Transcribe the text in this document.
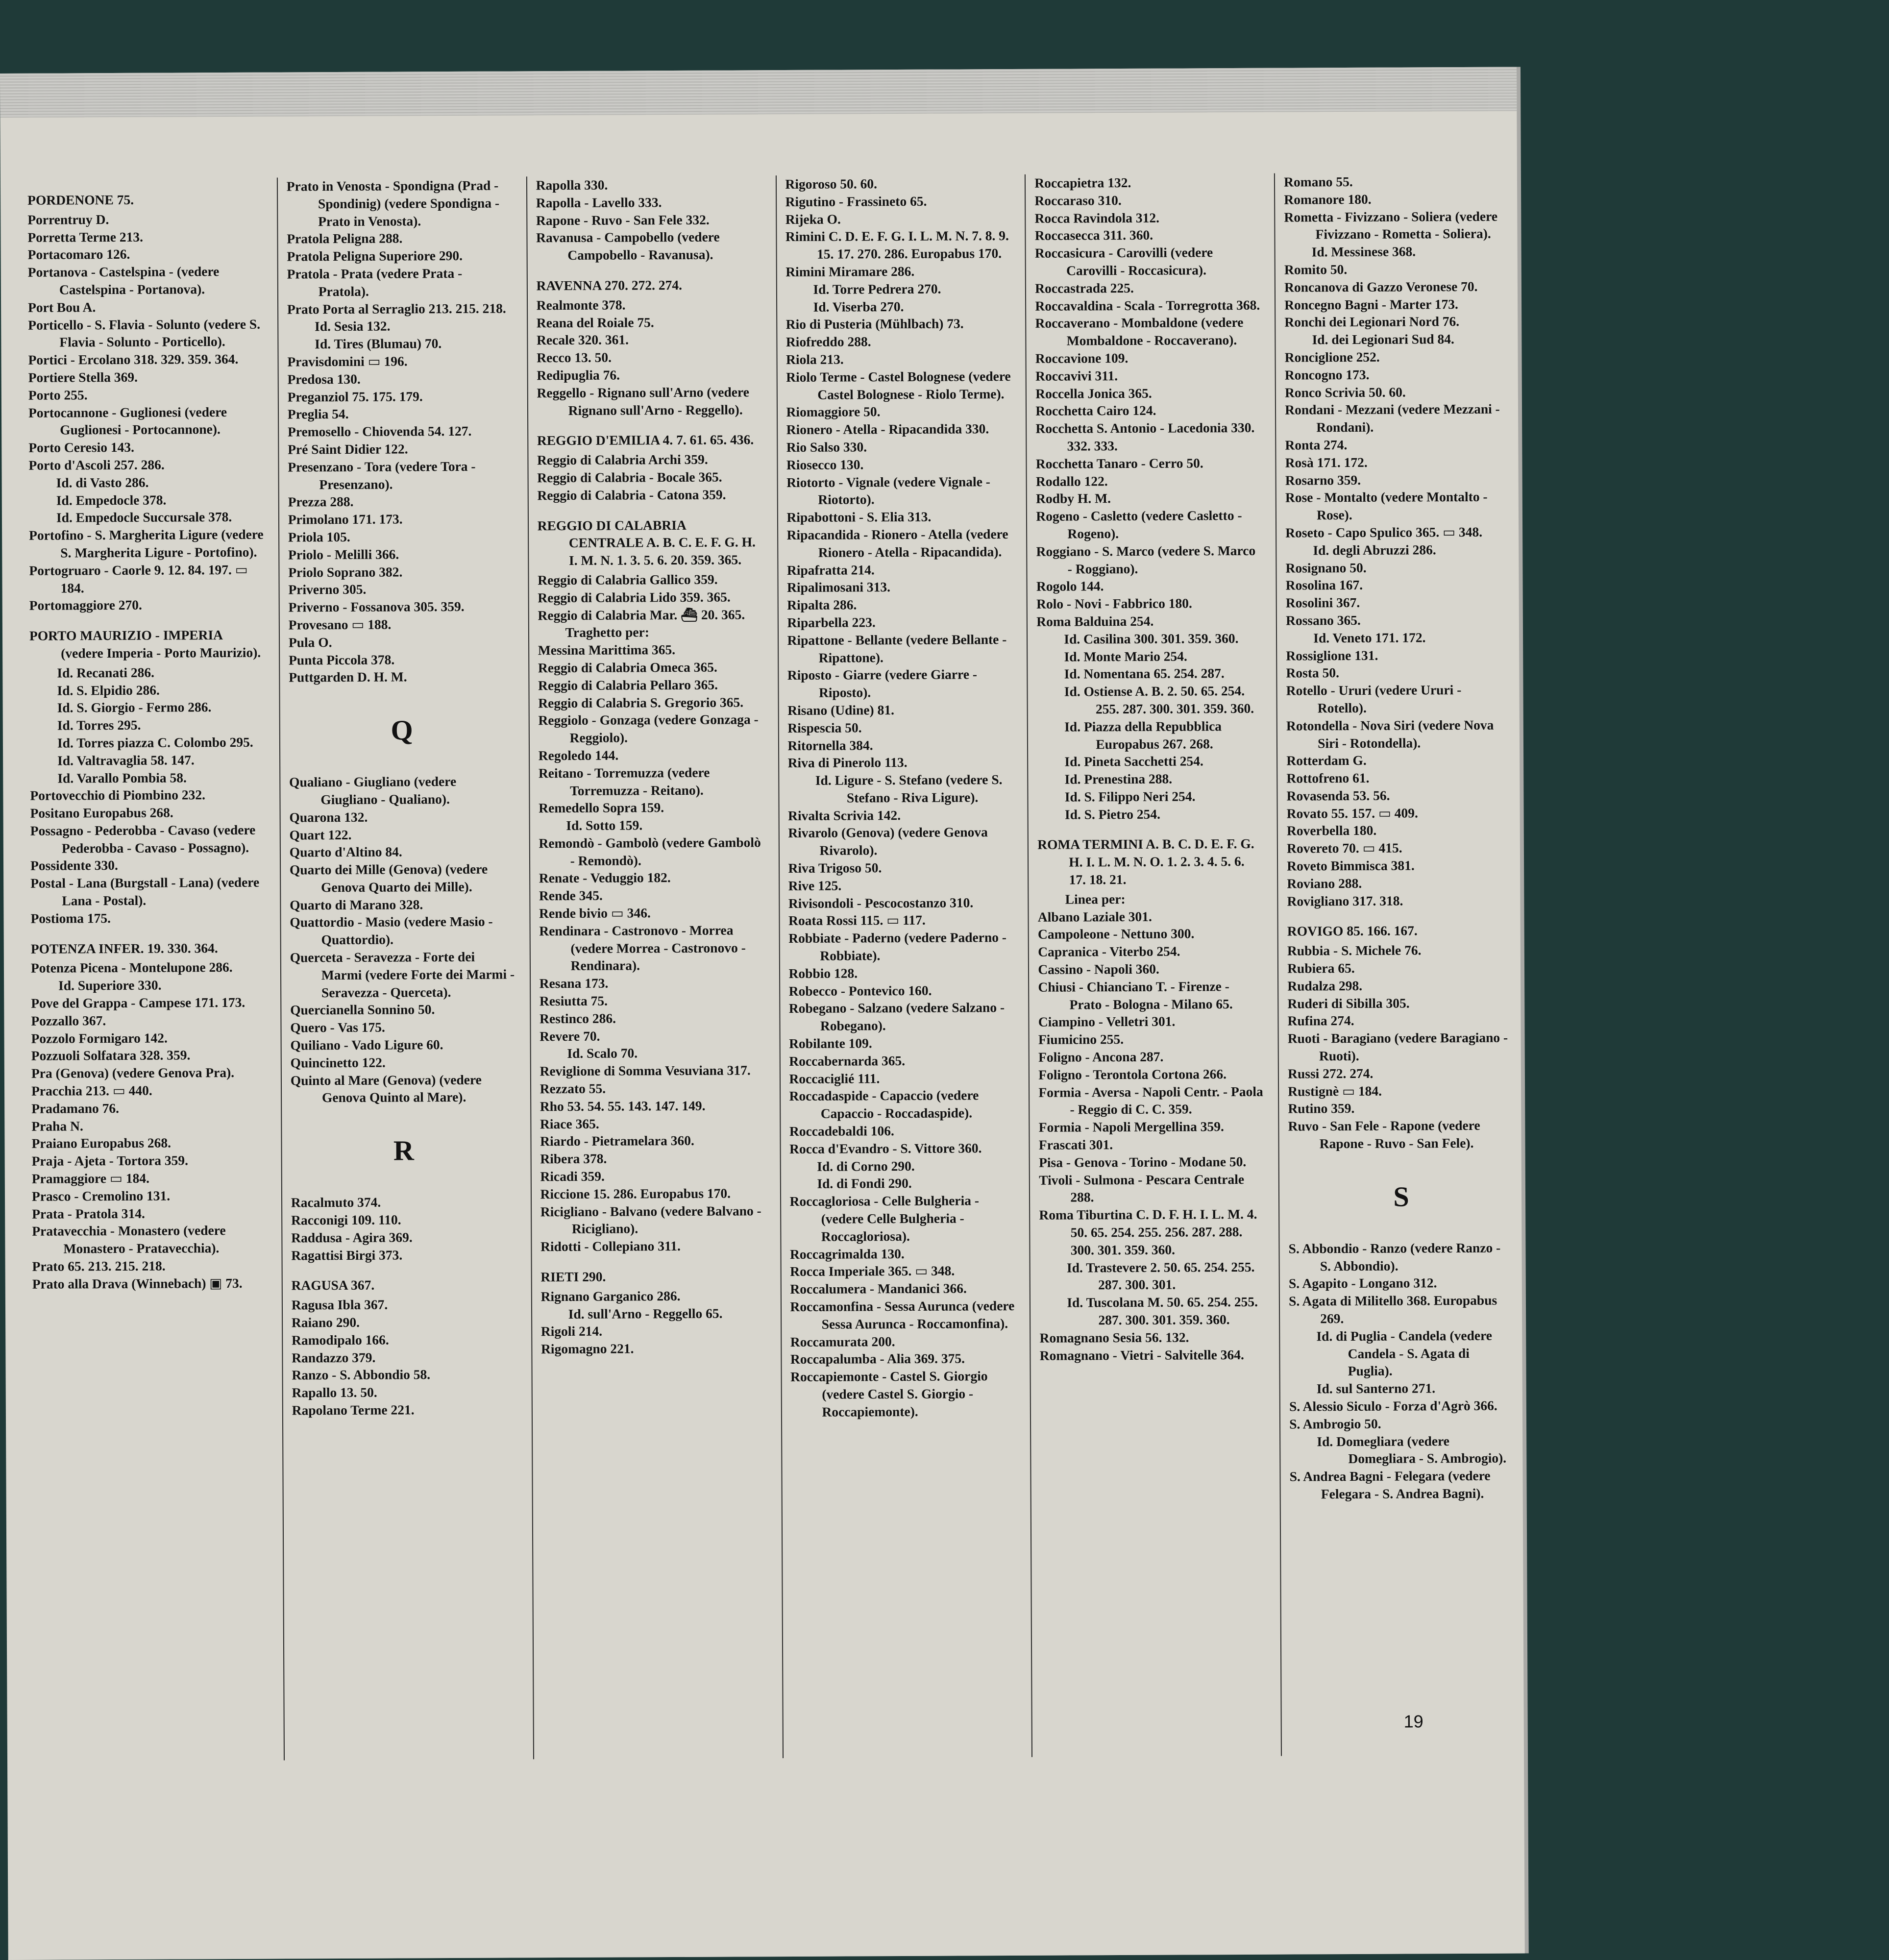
PORDENONE 75.
Porrentruy D.
Porretta Terme 213.
Portacomaro 126.
Portanova - Castelspina - (vedere Castelspina - Portanova).
Port Bou A.
Porticello - S. Flavia - Solunto (vedere S. Flavia - Solunto - Porticello).
Portici - Ercolano 318. 329. 359. 364.
Portiere Stella 369.
Porto 255.
Portocannone - Guglionesi (vedere Guglionesi - Portocannone).
Porto Ceresio 143.
Porto d'Ascoli 257. 286.
Id. di Vasto 286.
Id. Empedocle 378.
Id. Empedocle Succursale 378.
Portofino - S. Margherita Ligure (vedere S. Margherita Ligure - Portofino).
Portogruaro - Caorle 9. 12. 84. 197. ▭ 184.
Portomaggiore 270.
PORTO MAURIZIO - IMPERIA (vedere Imperia - Porto Maurizio).
Id. Recanati 286.
Id. S. Elpidio 286.
Id. S. Giorgio - Fermo 286.
Id. Torres 295.
Id. Torres piazza C. Colombo 295.
Id. Valtravaglia 58. 147.
Id. Varallo Pombia 58.
Portovecchio di Piombino 232.
Positano Europabus 268.
Possagno - Pederobba - Cavaso (vedere Pederobba - Cavaso - Possagno).
Possidente 330.
Postal - Lana (Burgstall - Lana) (vedere Lana - Postal).
Postioma 175.
POTENZA INFER. 19. 330. 364.
Potenza Picena - Montelupone 286.
Id. Superiore 330.
Pove del Grappa - Campese 171. 173.
Pozzallo 367.
Pozzolo Formigaro 142.
Pozzuoli Solfatara 328. 359.
Pra (Genova) (vedere Genova Pra).
Pracchia 213. ▭ 440.
Pradamano 76.
Praha N.
Praiano Europabus 268.
Praja - Ajeta - Tortora 359.
Pramaggiore ▭ 184.
Prasco - Cremolino 131.
Prata - Pratola 314.
Pratavecchia - Monastero (vedere Monastero - Pratavecchia).
Prato 65. 213. 215. 218.
Prato alla Drava (Winnebach) ▣ 73.
Prato in Venosta - Spondigna (Prad - Spondinig) (vedere Spondigna - Prato in Venosta).
Pratola Peligna 288.
Pratola Peligna Superiore 290.
Pratola - Prata (vedere Prata - Pratola).
Prato Porta al Serraglio 213. 215. 218.
Id. Sesia 132.
Id. Tires (Blumau) 70.
Pravisdomini ▭ 196.
Predosa 130.
Preganziol 75. 175. 179.
Preglia 54.
Premosello - Chiovenda 54. 127.
Pré Saint Didier 122.
Presenzano - Tora (vedere Tora - Presenzano).
Prezza 288.
Primolano 171. 173.
Priola 105.
Priolo - Melilli 366.
Priolo Soprano 382.
Priverno 305.
Priverno - Fossanova 305. 359.
Provesano ▭ 188.
Pula O.
Punta Piccola 378.
Puttgarden D. H. M.
Q
Qualiano - Giugliano (vedere Giugliano - Qualiano).
Quarona 132.
Quart 122.
Quarto d'Altino 84.
Quarto dei Mille (Genova) (vedere Genova Quarto dei Mille).
Quarto di Marano 328.
Quattordio - Masio (vedere Masio - Quattordio).
Querceta - Seravezza - Forte dei Marmi (vedere Forte dei Marmi - Seravezza - Querceta).
Quercianella Sonnino 50.
Quero - Vas 175.
Quiliano - Vado Ligure 60.
Quincinetto 122.
Quinto al Mare (Genova) (vedere Genova Quinto al Mare).
R
Racalmuto 374.
Racconigi 109. 110.
Raddusa - Agira 369.
Ragattisi Birgi 373.
RAGUSA 367.
Ragusa Ibla 367.
Raiano 290.
Ramodipalo 166.
Randazzo 379.
Ranzo - S. Abbondio 58.
Rapallo 13. 50.
Rapolano Terme 221.
Rapolla 330.
Rapolla - Lavello 333.
Rapone - Ruvo - San Fele 332.
Ravanusa - Campobello (vedere Campobello - Ravanusa).
RAVENNA 270. 272. 274.
Realmonte 378.
Reana del Roiale 75.
Recale 320. 361.
Recco 13. 50.
Redipuglia 76.
Reggello - Rignano sull'Arno (vedere Rignano sull'Arno - Reggello).
REGGIO D'EMILIA 4. 7. 61. 65. 436.
Reggio di Calabria Archi 359.
Reggio di Calabria - Bocale 365.
Reggio di Calabria - Catona 359.
REGGIO DI CALABRIA CENTRALE A. B. C. E. F. G. H. I. M. N. 1. 3. 5. 6. 20. 359. 365.
Reggio di Calabria Gallico 359.
Reggio di Calabria Lido 359. 365.
Reggio di Calabria Mar. ⛴ 20. 365.
Traghetto per:
Messina Marittima 365.
Reggio di Calabria Omeca 365.
Reggio di Calabria Pellaro 365.
Reggio di Calabria S. Gregorio 365.
Reggiolo - Gonzaga (vedere Gonzaga - Reggiolo).
Regoledo 144.
Reitano - Torremuzza (vedere Torremuzza - Reitano).
Remedello Sopra 159.
Id. Sotto 159.
Remondò - Gambolò (vedere Gambolò - Remondò).
Renate - Veduggio 182.
Rende 345.
Rende bivio ▭ 346.
Rendinara - Castronovo - Morrea (vedere Morrea - Castronovo - Rendinara).
Resana 173.
Resiutta 75.
Restinco 286.
Revere 70.
Id. Scalo 70.
Reviglione di Somma Vesuviana 317.
Rezzato 55.
Rho 53. 54. 55. 143. 147. 149.
Riace 365.
Riardo - Pietramelara 360.
Ribera 378.
Ricadi 359.
Riccione 15. 286. Europabus 170.
Ricigliano - Balvano (vedere Balvano - Ricigliano).
Ridotti - Collepiano 311.
RIETI 290.
Rignano Garganico 286.
Id. sull'Arno - Reggello 65.
Rigoli 214.
Rigomagno 221.
Rigoroso 50. 60.
Rigutino - Frassineto 65.
Rijeka O.
Rimini C. D. E. F. G. I. L. M. N. 7. 8. 9. 15. 17. 270. 286. Europabus 170.
Rimini Miramare 286.
Id. Torre Pedrera 270.
Id. Viserba 270.
Rio di Pusteria (Mühlbach) 73.
Riofreddo 288.
Riola 213.
Riolo Terme - Castel Bolognese (vedere Castel Bolognese - Riolo Terme).
Riomaggiore 50.
Rionero - Atella - Ripacandida 330.
Rio Salso 330.
Riosecco 130.
Riotorto - Vignale (vedere Vignale - Riotorto).
Ripabottoni - S. Elia 313.
Ripacandida - Rionero - Atella (vedere Rionero - Atella - Ripacandida).
Ripafratta 214.
Ripalimosani 313.
Ripalta 286.
Riparbella 223.
Ripattone - Bellante (vedere Bellante - Ripattone).
Riposto - Giarre (vedere Giarre - Riposto).
Risano (Udine) 81.
Rispescia 50.
Ritornella 384.
Riva di Pinerolo 113.
Id. Ligure - S. Stefano (vedere S. Stefano - Riva Ligure).
Rivalta Scrivia 142.
Rivarolo (Genova) (vedere Genova Rivarolo).
Riva Trigoso 50.
Rive 125.
Rivisondoli - Pescocostanzo 310.
Roata Rossi 115. ▭ 117.
Robbiate - Paderno (vedere Paderno - Robbiate).
Robbio 128.
Robecco - Pontevico 160.
Robegano - Salzano (vedere Salzano - Robegano).
Robilante 109.
Roccabernarda 365.
Roccaciglié 111.
Roccadaspide - Capaccio (vedere Capaccio - Roccadaspide).
Roccadebaldi 106.
Rocca d'Evandro - S. Vittore 360.
Id. di Corno 290.
Id. di Fondi 290.
Roccagloriosa - Celle Bulgheria - (vedere Celle Bulgheria - Roccagloriosa).
Roccagrimalda 130.
Rocca Imperiale 365. ▭ 348.
Roccalumera - Mandanici 366.
Roccamonfina - Sessa Aurunca (vedere Sessa Aurunca - Roccamonfina).
Roccamurata 200.
Roccapalumba - Alia 369. 375.
Roccapiemonte - Castel S. Giorgio (vedere Castel S. Giorgio - Roccapiemonte).
Roccapietra 132.
Roccaraso 310.
Rocca Ravindola 312.
Roccasecca 311. 360.
Roccasicura - Carovilli (vedere Carovilli - Roccasicura).
Roccastrada 225.
Roccavaldina - Scala - Torregrotta 368.
Roccaverano - Mombaldone (vedere Mombaldone - Roccaverano).
Roccavione 109.
Roccavivi 311.
Roccella Jonica 365.
Rocchetta Cairo 124.
Rocchetta S. Antonio - Lacedonia 330. 332. 333.
Rocchetta Tanaro - Cerro 50.
Rodallo 122.
Rodby H. M.
Rogeno - Casletto (vedere Casletto - Rogeno).
Roggiano - S. Marco (vedere S. Marco - Roggiano).
Rogolo 144.
Rolo - Novi - Fabbrico 180.
Roma Balduina 254.
Id. Casilina 300. 301. 359. 360.
Id. Monte Mario 254.
Id. Nomentana 65. 254. 287.
Id. Ostiense A. B. 2. 50. 65. 254. 255. 287. 300. 301. 359. 360.
Id. Piazza della Repubblica Europabus 267. 268.
Id. Pineta Sacchetti 254.
Id. Prenestina 288.
Id. S. Filippo Neri 254.
Id. S. Pietro 254.
ROMA TERMINI A. B. C. D. E. F. G. H. I. L. M. N. O. 1. 2. 3. 4. 5. 6. 17. 18. 21.
Linea per:
Albano Laziale 301.
Campoleone - Nettuno 300.
Capranica - Viterbo 254.
Cassino - Napoli 360.
Chiusi - Chianciano T. - Firenze - Prato - Bologna - Milano 65.
Ciampino - Velletri 301.
Fiumicino 255.
Foligno - Ancona 287.
Foligno - Terontola Cortona 266.
Formia - Aversa - Napoli Centr. - Paola - Reggio di C. C. 359.
Formia - Napoli Mergellina 359.
Frascati 301.
Pisa - Genova - Torino - Modane 50.
Tivoli - Sulmona - Pescara Centrale 288.
Roma Tiburtina C. D. F. H. I. L. M. 4. 50. 65. 254. 255. 256. 287. 288. 300. 301. 359. 360.
Id. Trastevere 2. 50. 65. 254. 255. 287. 300. 301.
Id. Tuscolana M. 50. 65. 254. 255. 287. 300. 301. 359. 360.
Romagnano Sesia 56. 132.
Romagnano - Vietri - Salvitelle 364.
Romano 55.
Romanore 180.
Rometta - Fivizzano - Soliera (vedere Fivizzano - Rometta - Soliera).
Id. Messinese 368.
Romito 50.
Roncanova di Gazzo Veronese 70.
Roncegno Bagni - Marter 173.
Ronchi dei Legionari Nord 76.
Id. dei Legionari Sud 84.
Ronciglione 252.
Roncogno 173.
Ronco Scrivia 50. 60.
Rondani - Mezzani (vedere Mezzani - Rondani).
Ronta 274.
Rosà 171. 172.
Rosarno 359.
Rose - Montalto (vedere Montalto - Rose).
Roseto - Capo Spulico 365. ▭ 348.
Id. degli Abruzzi 286.
Rosignano 50.
Rosolina 167.
Rosolini 367.
Rossano 365.
Id. Veneto 171. 172.
Rossiglione 131.
Rosta 50.
Rotello - Ururi (vedere Ururi - Rotello).
Rotondella - Nova Siri (vedere Nova Siri - Rotondella).
Rotterdam G.
Rottofreno 61.
Rovasenda 53. 56.
Rovato 55. 157. ▭ 409.
Roverbella 180.
Rovereto 70. ▭ 415.
Roveto Bimmisca 381.
Roviano 288.
Rovigliano 317. 318.
ROVIGO 85. 166. 167.
Rubbia - S. Michele 76.
Rubiera 65.
Rudalza 298.
Ruderi di Sibilla 305.
Rufina 274.
Ruoti - Baragiano (vedere Baragiano - Ruoti).
Russi 272. 274.
Rustignè ▭ 184.
Rutino 359.
Ruvo - San Fele - Rapone (vedere Rapone - Ruvo - San Fele).
S
S. Abbondio - Ranzo (vedere Ranzo - S. Abbondio).
S. Agapito - Longano 312.
S. Agata di Militello 368. Europabus 269.
Id. di Puglia - Candela (vedere Candela - S. Agata di Puglia).
Id. sul Santerno 271.
S. Alessio Siculo - Forza d'Agrò 366.
S. Ambrogio 50.
Id. Domegliara (vedere Domegliara - S. Ambrogio).
S. Andrea Bagni - Felegara (vedere Felegara - S. Andrea Bagni).
19
